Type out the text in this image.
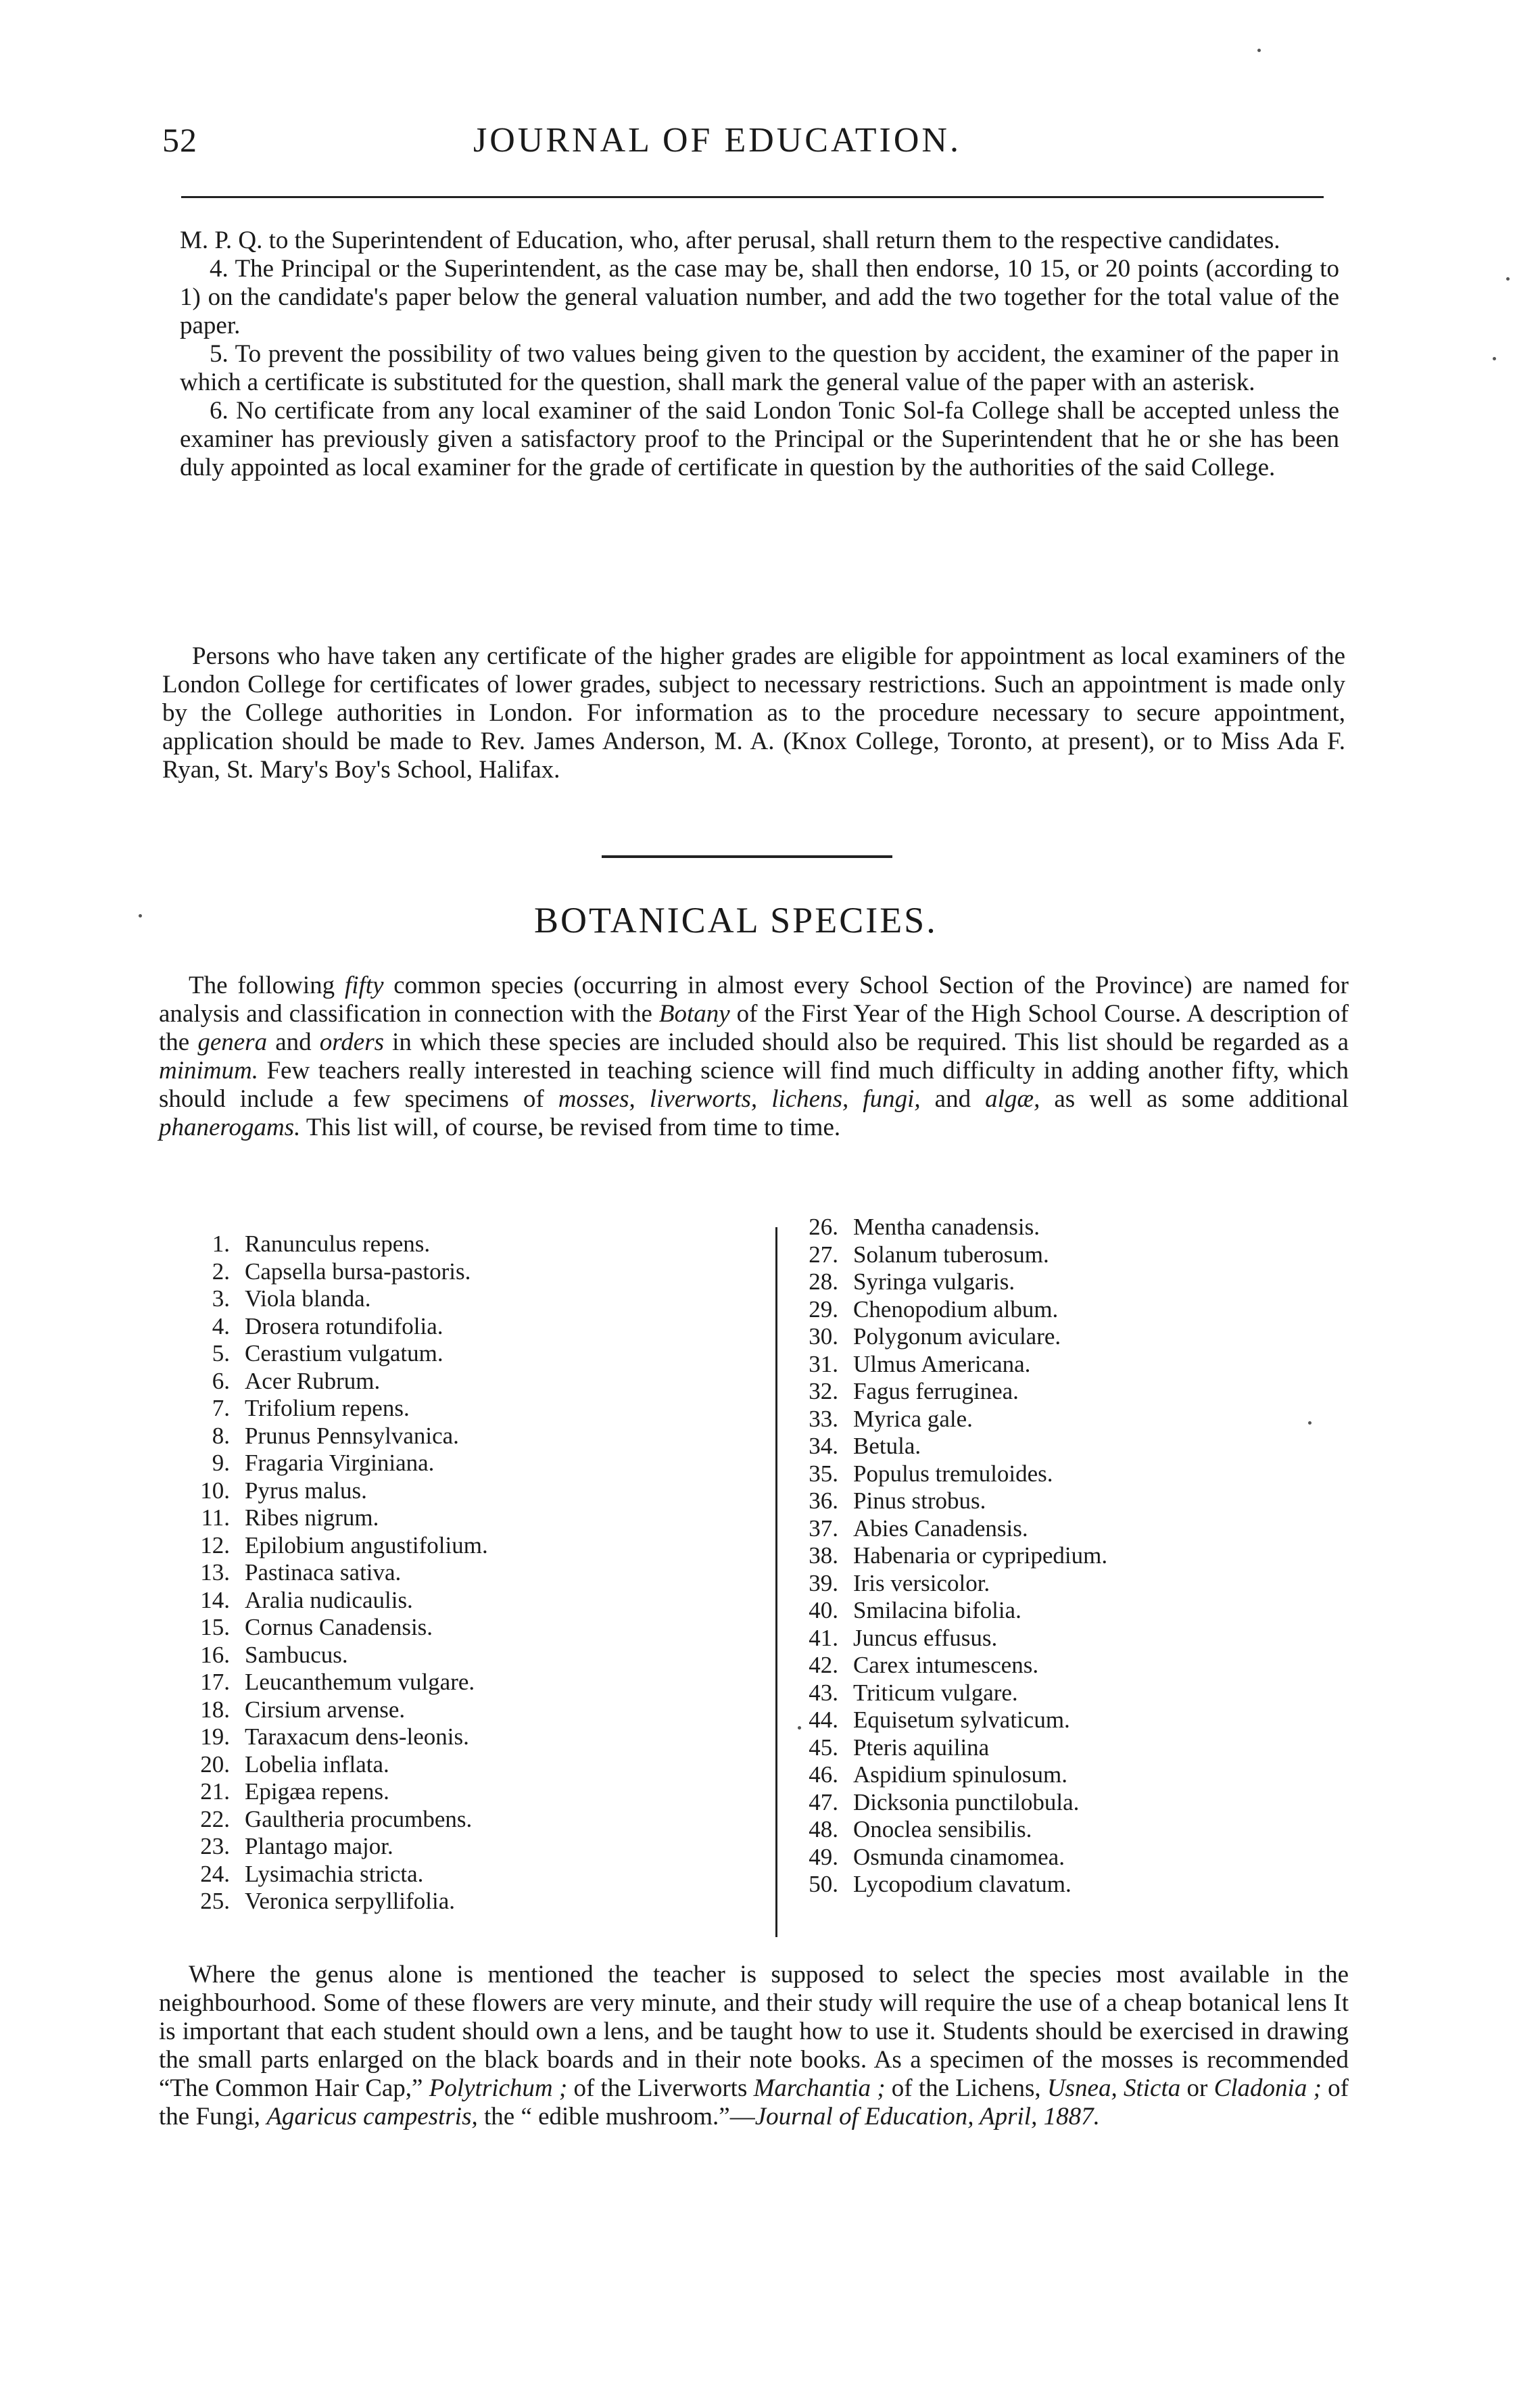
52	JOURNAL OF EDUCATION.

M. P. Q. to the Superintendent of Education, who, after perusal, shall return them to the respective candidates.

4. The Principal or the Superintendent, as the case may be, shall then endorse, 10 15, or 20 points (according to 1) on the candidate's paper below the general valuation number, and add the two together for the total value of the paper.

5. To prevent the possibility of two values being given to the question by accident, the examiner of the paper in which a certificate is substituted for the question, shall mark the general value of the paper with an asterisk.

6. No certificate from any local examiner of the said London Tonic Sol-fa College shall be accepted unless the examiner has previously given a satisfactory proof to the Principal or the Superintendent that he or she has been duly appointed as local examiner for the grade of certificate in question by the authorities of the said College.

Persons who have taken any certificate of the higher grades are eligible for appointment as local examiners of the London College for certificates of lower grades, subject to necessary restrictions. Such an appointment is made only by the College authorities in London. For information as to the procedure necessary to secure appointment, application should be made to Rev. James Anderson, M. A. (Knox College, Toronto, at present), or to Miss Ada F. Ryan, St. Mary's Boy's School, Halifax.

BOTANICAL SPECIES.

The following fifty common species (occurring in almost every School Section of the Province) are named for analysis and classification in connection with the Botany of the First Year of the High School Course. A description of the genera and orders in which these species are included should also be required. This list should be regarded as a minimum. Few teachers really interested in teaching science will find much difficulty in adding another fifty, which should include a few specimens of mosses, liverworts, lichens, fungi, and algæ, as well as some additional phanerogams. This list will, of course, be revised from time to time.

1. Ranunculus repens.
2. Capsella bursa-pastoris.
3. Viola blanda.
4. Drosera rotundifolia.
5. Cerastium vulgatum.
6. Acer Rubrum.
7. Trifolium repens.
8. Prunus Pennsylvanica.
9. Fragaria Virginiana.
10. Pyrus malus.
11. Ribes nigrum.
12. Epilobium angustifolium.
13. Pastinaca sativa.
14. Aralia nudicaulis.
15. Cornus Canadensis.
16. Sambucus.
17. Leucanthemum vulgare.
18. Cirsium arvense.
19. Taraxacum dens-leonis.
20. Lobelia inflata.
21. Epigæa repens.
22. Gaultheria procumbens.
23. Plantago major.
24. Lysimachia stricta.
25. Veronica serpyllifolia.
26. Mentha canadensis.
27. Solanum tuberosum.
28. Syringa vulgaris.
29. Chenopodium album.
30. Polygonum aviculare.
31. Ulmus Americana.
32. Fagus ferruginea.
33. Myrica gale.
34. Betula.
35. Populus tremuloides.
36. Pinus strobus.
37. Abies Canadensis.
38. Habenaria or cypripedium.
39. Iris versicolor.
40. Smilacina bifolia.
41. Juncus effusus.
42. Carex intumescens.
43. Triticum vulgare.
44. Equisetum sylvaticum.
45. Pteris aquilina
46. Aspidium spinulosum.
47. Dicksonia punctilobula.
48. Onoclea sensibilis.
49. Osmunda cinamomea.
50. Lycopodium clavatum.

Where the genus alone is mentioned the teacher is supposed to select the species most available in the neighbourhood. Some of these flowers are very minute, and their study will require the use of a cheap botanical lens It is important that each student should own a lens, and be taught how to use it. Students should be exercised in drawing the small parts enlarged on the black boards and in their note books. As a specimen of the mosses is recommended “The Common Hair Cap,” Polytrichum ; of the Liverworts Marchantia ; of the Lichens, Usnea, Sticta or Cladonia ; of the Fungi, Agaricus campestris, the “ edible mushroom.”—Journal of Education, April, 1887.
